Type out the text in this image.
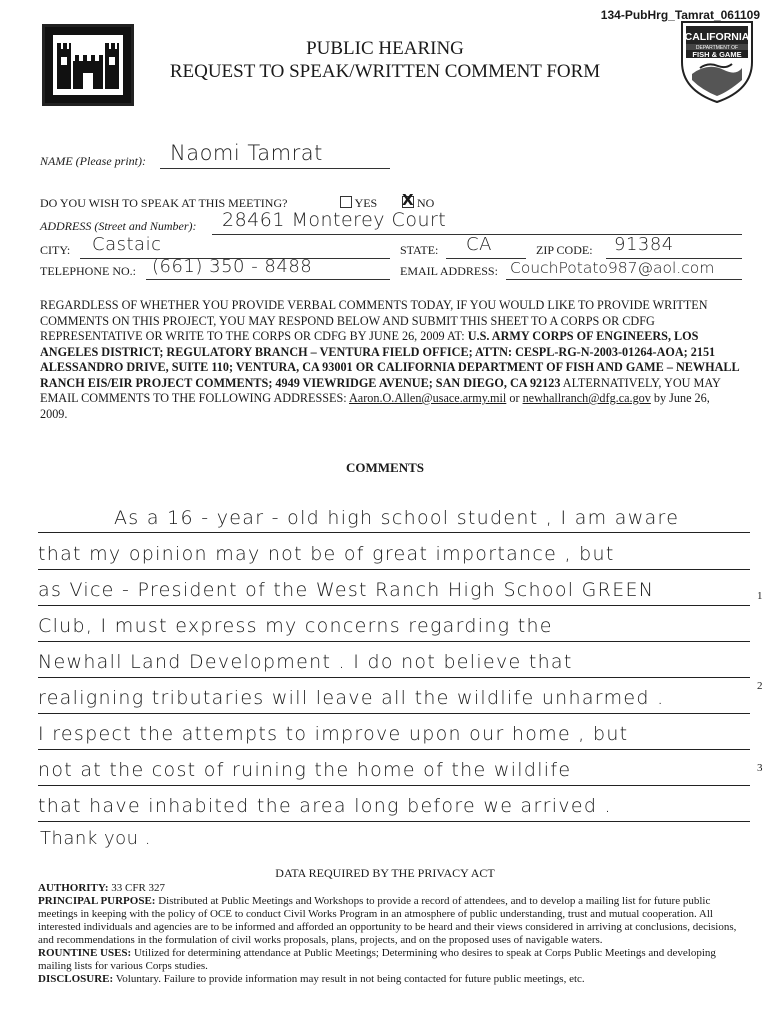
134-PubHrg_Tamrat_061109
CALIFORNIA
DEPARTMENT OF
FISH & GAME
PUBLIC HEARING
REQUEST TO SPEAK/WRITTEN COMMENT FORM
NAME (Please print): Naomi Tamrat
DO YOU WISH TO SPEAK AT THIS MEETING?	YES
X	NO
ADDRESS (Street and Number): 28461 Monterey Court
CITY: Castaic	STATE: CA	ZIP CODE: 91384
TELEPHONE NO.: (661) 350 - 8488	EMAIL ADDRESS: CouchPotato987@aol.com
REGARDLESS OF WHETHER YOU PROVIDE VERBAL COMMENTS TODAY, IF YOU WOULD LIKE TO PROVIDE WRITTEN COMMENTS ON THIS PROJECT, YOU MAY RESPOND BELOW AND SUBMIT THIS SHEET TO A CORPS OR CDFG REPRESENTATIVE OR WRITE TO THE CORPS OR CDFG BY JUNE 26, 2009 AT: U.S. ARMY CORPS OF ENGINEERS, LOS ANGELES DISTRICT; REGULATORY BRANCH – VENTURA FIELD OFFICE; ATTN: CESPL-RG-N-2003-01264-AOA; 2151 ALESSANDRO DRIVE, SUITE 110; VENTURA, CA 93001 OR CALIFORNIA DEPARTMENT OF FISH AND GAME – NEWHALL RANCH EIS/EIR PROJECT COMMENTS; 4949 VIEWRIDGE AVENUE; SAN DIEGO, CA 92123 ALTERNATIVELY, YOU MAY EMAIL COMMENTS TO THE FOLLOWING ADDRESSES: Aaron.O.Allen@usace.army.mil or newhallranch@dfg.ca.gov by June 26, 2009.
COMMENTS
As a 16 - year - old high school student , I am aware
that my opinion may not be of great importance , but
as Vice - President of the West Ranch High School GREEN
Club, I must express my concerns regarding the
Newhall Land Development . I do not believe that
realigning tributaries will leave all the wildlife unharmed .
I respect the attempts to improve upon our home , but
not at the cost of ruining the home of the wildlife
that have inhabited the area long before we arrived .
Thank you .
1
2
3
DATA REQUIRED BY THE PRIVACY ACT
AUTHORITY: 33 CFR 327
PRINCIPAL PURPOSE: Distributed at Public Meetings and Workshops to provide a record of attendees, and to develop a mailing list for future public meetings in keeping with the policy of OCE to conduct Civil Works Program in an atmosphere of public understanding, trust and mutual cooperation. All interested individuals and agencies are to be informed and afforded an opportunity to be heard and their views considered in arriving at conclusions, decisions, and recommendations in the formulation of civil works proposals, plans, projects, and on the proposed uses of navigable waters.
ROUNTINE USES: Utilized for determining attendance at Public Meetings; Determining who desires to speak at Corps Public Meetings and developing mailing lists for various Corps studies.
DISCLOSURE: Voluntary. Failure to provide information may result in not being contacted for future public meetings, etc.
